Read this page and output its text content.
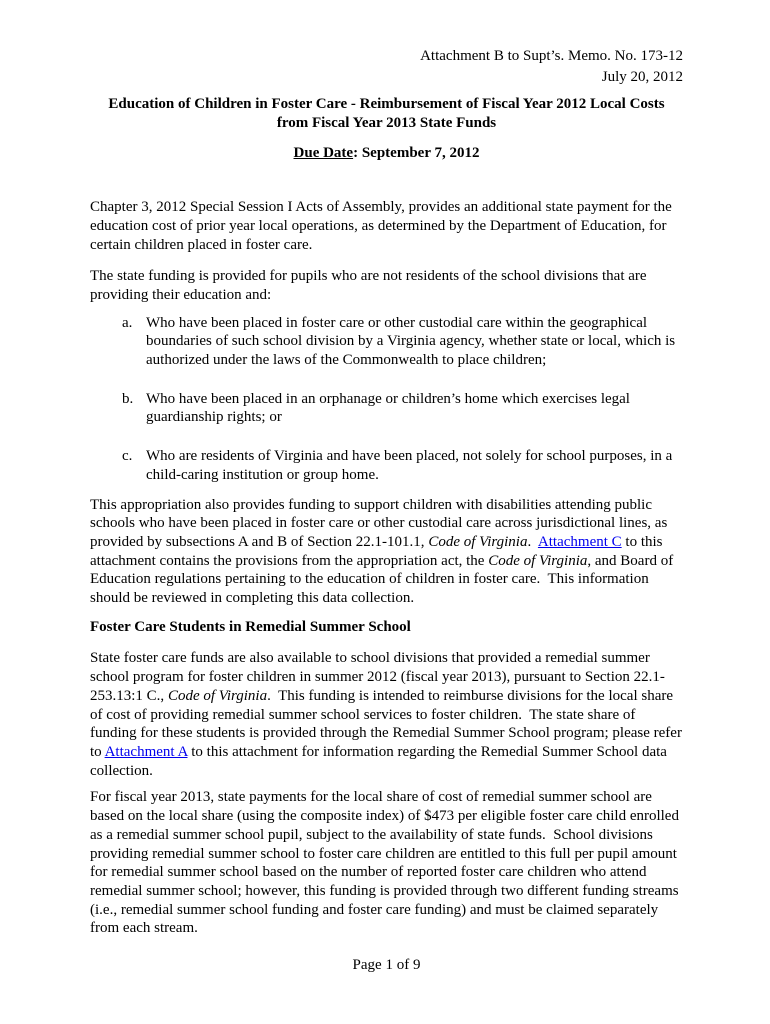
Attachment B to Supt’s. Memo. No. 173-12
July 20, 2012
Education of Children in Foster Care - Reimbursement of Fiscal Year 2012 Local Costs
from Fiscal Year 2013 State Funds
Due Date: September 7, 2012

Chapter 3, 2012 Special Session I Acts of Assembly, provides an additional state payment for the education cost of prior year local operations, as determined by the Department of Education, for certain children placed in foster care.

The state funding is provided for pupils who are not residents of the school divisions that are providing their education and:

a. Who have been placed in foster care or other custodial care within the geographical boundaries of such school division by a Virginia agency, whether state or local, which is authorized under the laws of the Commonwealth to place children;
b. Who have been placed in an orphanage or children’s home which exercises legal guardianship rights; or
c. Who are residents of Virginia and have been placed, not solely for school purposes, in a child-caring institution or group home.

This appropriation also provides funding to support children with disabilities attending public schools who have been placed in foster care or other custodial care across jurisdictional lines, as provided by subsections A and B of Section 22.1-101.1, Code of Virginia.  Attachment C to this attachment contains the provisions from the appropriation act, the Code of Virginia, and Board of Education regulations pertaining to the education of children in foster care.  This information should be reviewed in completing this data collection.

Foster Care Students in Remedial Summer School

State foster care funds are also available to school divisions that provided a remedial summer school program for foster children in summer 2012 (fiscal year 2013), pursuant to Section 22.1-253.13:1 C., Code of Virginia.  This funding is intended to reimburse divisions for the local share of cost of providing remedial summer school services to foster children.  The state share of funding for these students is provided through the Remedial Summer School program; please refer to Attachment A to this attachment for information regarding the Remedial Summer School data collection.

For fiscal year 2013, state payments for the local share of cost of remedial summer school are based on the local share (using the composite index) of $473 per eligible foster care child enrolled as a remedial summer school pupil, subject to the availability of state funds.  School divisions providing remedial summer school to foster care children are entitled to this full per pupil amount for remedial summer school based on the number of reported foster care children who attend remedial summer school; however, this funding is provided through two different funding streams (i.e., remedial summer school funding and foster care funding) and must be claimed separately from each stream.

Page 1 of 9
